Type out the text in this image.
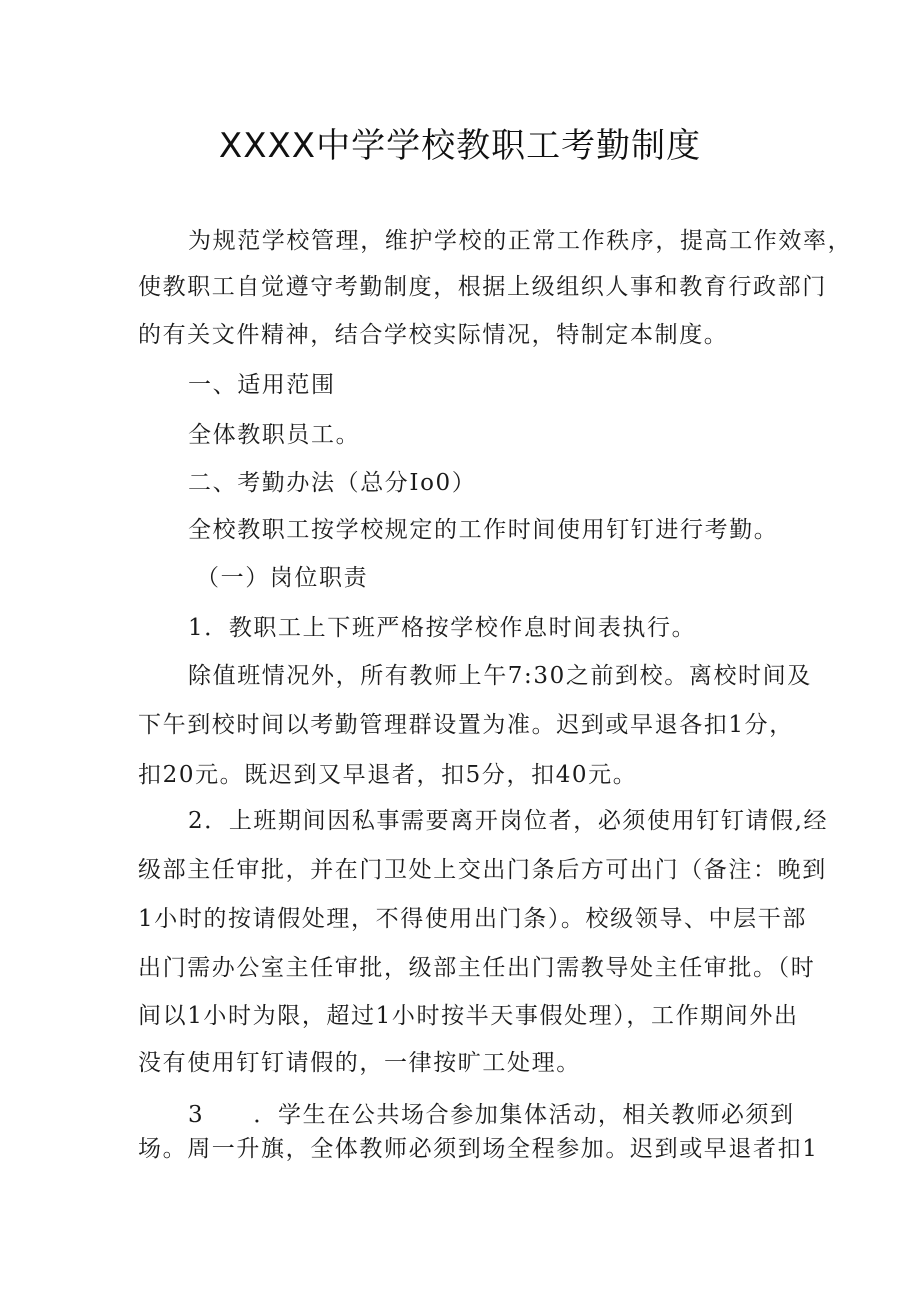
XXXX中学学校教职工考勤制度
为规范学校管理，维护学校的正常工作秩序，提高工作效率，
使教职工自觉遵守考勤制度，根据上级组织人事和教育行政部门
的有关文件精神，结合学校实际情况，特制定本制度。
一、适用范围
全体教职员工。
二、考勤办法（总分Io0）
全校教职工按学校规定的工作时间使用钉钉进行考勤。
（一）岗位职责
1．教职工上下班严格按学校作息时间表执行。
除值班情况外，所有教师上午7:30之前到校。离校时间及
下午到校时间以考勤管理群设置为准。迟到或早退各扣1分，
扣20元。既迟到又早退者，扣5分，扣40元。
2．上班期间因私事需要离开岗位者，必须使用钉钉请假,经
级部主任审批，并在门卫处上交出门条后方可出门（备注：晚到
1小时的按请假处理，不得使用出门条）。校级领导、中层干部
出门需办公室主任审批，级部主任出门需教导处主任审批。（时
间以1小时为限，超过1小时按半天事假处理），工作期间外出
没有使用钉钉请假的，一律按旷工处理。
3　　．学生在公共场合参加集体活动，相关教师必须到
场。周一升旗，全体教师必须到场全程参加。迟到或早退者扣1
